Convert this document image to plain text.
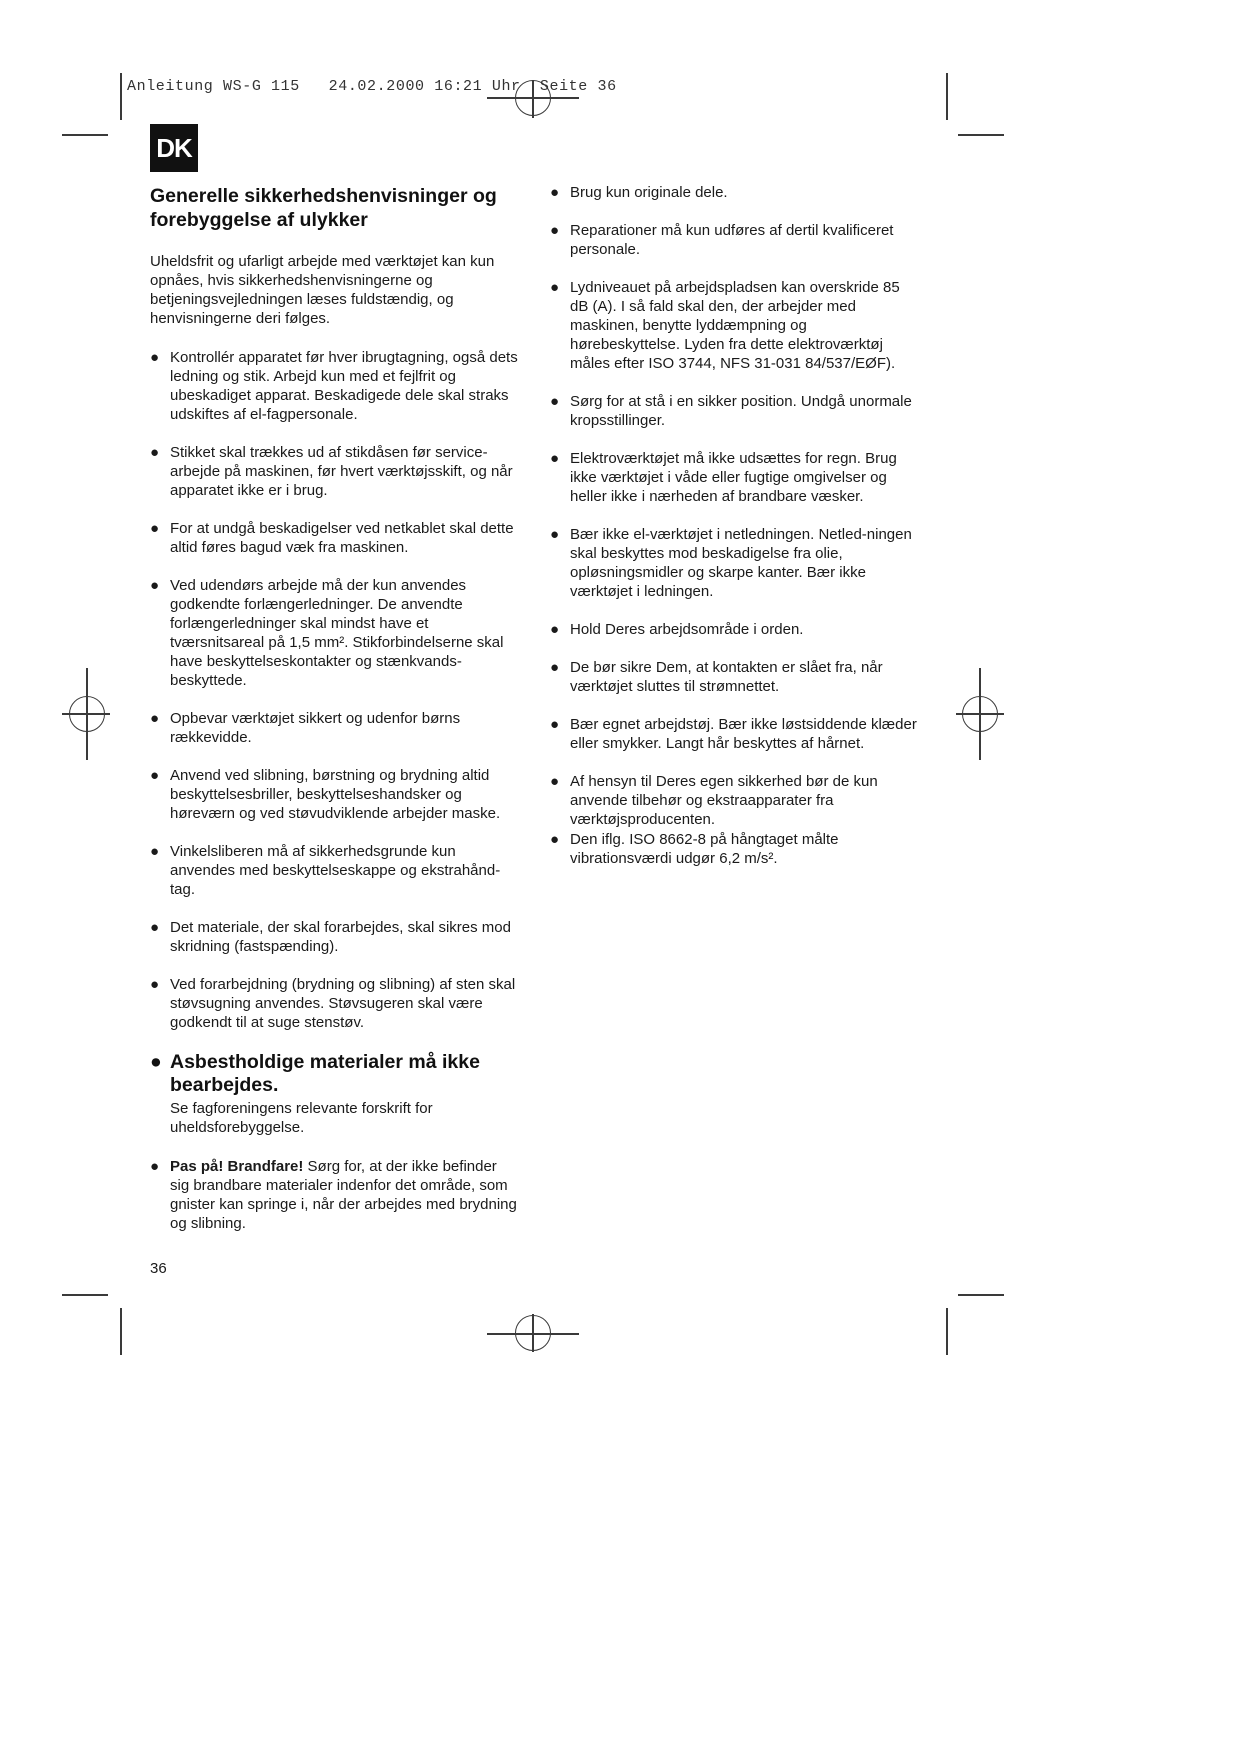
Anleitung WS-G 115   24.02.2000 16:21 Uhr  Seite 36
DK
Generelle sikkerhedshenvisninger og forebyggelse af ulykker
Uheldsfrit og ufarligt arbejde med værktøjet kan kun opnåes, hvis sikkerhedshenvisningerne og betjeningsvejledningen læses fuldstændig, og henvisningerne deri følges.
● Kontrollér apparatet før hver ibrugtagning, også dets ledning og stik. Arbejd kun med et fejlfrit og ubeskadiget apparat. Beskadigede dele skal straks udskiftes af el-fagpersonale.
● Stikket skal trækkes ud af stikdåsen før service-arbejde på maskinen, før hvert værktøjsskift, og når apparatet ikke er i brug.
● For at undgå beskadigelser ved netkablet skal dette altid føres bagud væk fra maskinen.
● Ved udendørs arbejde må der kun anvendes godkendte forlængerledninger. De anvendte forlængerledninger skal mindst have et tværsnitsareal på 1,5 mm². Stikforbindelserne skal have beskyttelseskontakter og stænkvands-beskyttede.
● Opbevar værktøjet sikkert og udenfor børns rækkevidde.
● Anvend ved slibning, børstning og brydning altid beskyttelsesbriller, beskyttelseshandsker og høreværn og ved støvudviklende arbejder maske.
● Vinkelsliberen må af sikkerhedsgrunde kun anvendes med beskyttelseskappe og ekstrahånd-tag.
● Det materiale, der skal forarbejdes, skal sikres mod skridning (fastspænding).
● Ved forarbejdning (brydning og slibning) af sten skal støvsugning anvendes. Støvsugeren skal være godkendt til at suge stenstøv.
● Asbestholdige materialer må ikke bearbejdes.
Se fagforeningens relevante forskrift for uheldsforebyggelse.
● Pas på! Brandfare! Sørg for, at der ikke befinder sig brandbare materialer indenfor det område, som gnister kan springe i, når der arbejdes med brydning og slibning.
● Brug kun originale dele.
● Reparationer må kun udføres af dertil kvalificeret personale.
● Lydniveauet på arbejdspladsen kan overskride 85 dB (A). I så fald skal den, der arbejder med maskinen, benytte lyddæmpning og hørebeskyttelse. Lyden fra dette elektroværktøj måles efter ISO 3744, NFS 31-031 84/537/EØF).
● Sørg for at stå i en sikker position. Undgå unormale kropsstillinger.
● Elektroværktøjet må ikke udsættes for regn. Brug ikke værktøjet i våde eller fugtige omgivelser og heller ikke i nærheden af brandbare væsker.
● Bær ikke el-værktøjet i netledningen. Netled-ningen skal beskyttes mod beskadigelse fra olie, opløsningsmidler og skarpe kanter. Bær ikke værktøjet i ledningen.
● Hold Deres arbejdsområde i orden.
● De bør sikre Dem, at kontakten er slået fra, når værktøjet sluttes til strømnettet.
● Bær egnet arbejdstøj. Bær ikke løstsiddende klæder eller smykker. Langt hår beskyttes af hårnet.
● Af hensyn til Deres egen sikkerhed bør de kun anvende tilbehør og ekstraapparater fra værktøjsproducenten.
● Den iflg. ISO 8662-8 på hångtaget målte vibrationsværdi udgør 6,2 m/s².
36
